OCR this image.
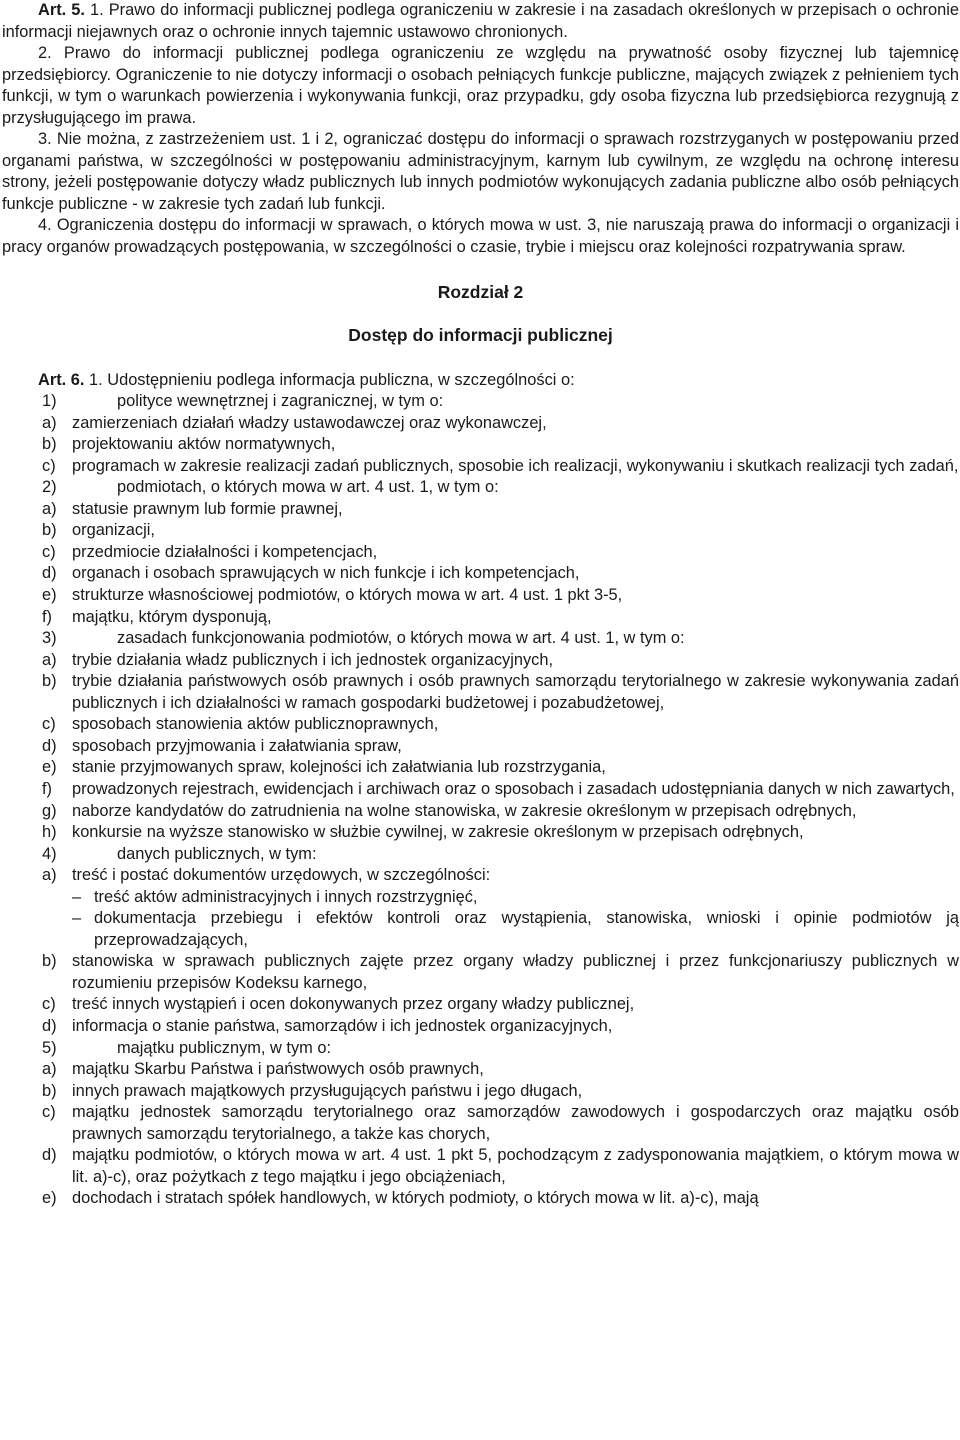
Art. 5. 1. Prawo do informacji publicznej podlega ograniczeniu w zakresie i na zasadach określonych w przepisach o ochronie informacji niejawnych oraz o ochronie innych tajemnic ustawowo chronionych.

2. Prawo do informacji publicznej podlega ograniczeniu ze względu na prywatność osoby fizycznej lub tajemnicę przedsiębiorcy. Ograniczenie to nie dotyczy informacji o osobach pełniących funkcje publiczne, mających związek z pełnieniem tych funkcji, w tym o warunkach powierzenia i wykonywania funkcji, oraz przypadku, gdy osoba fizyczna lub przedsiębiorca rezygnują z przysługującego im prawa.

3. Nie można, z zastrzeżeniem ust. 1 i 2, ograniczać dostępu do informacji o sprawach rozstrzyganych w postępowaniu przed organami państwa, w szczególności w postępowaniu administracyjnym, karnym lub cywilnym, ze względu na ochronę interesu strony, jeżeli postępowanie dotyczy władz publicznych lub innych podmiotów wykonujących zadania publiczne albo osób pełniących funkcje publiczne - w zakresie tych zadań lub funkcji.

4. Ograniczenia dostępu do informacji w sprawach, o których mowa w ust. 3, nie naruszają prawa do informacji o organizacji i pracy organów prowadzących postępowania, w szczególności o czasie, trybie i miejscu oraz kolejności rozpatrywania spraw.

Rozdział 2

Dostęp do informacji publicznej

Art. 6. 1. Udostępnieniu podlega informacja publiczna, w szczególności o:

1)	polityce wewnętrznej i zagranicznej, w tym o:

a) zamierzeniach działań władzy ustawodawczej oraz wykonawczej,

b) projektowaniu aktów normatywnych,

c) programach w zakresie realizacji zadań publicznych, sposobie ich realizacji, wykonywaniu i skutkach realizacji tych zadań,

2)	podmiotach, o których mowa w art. 4 ust. 1, w tym o:

a) statusie prawnym lub formie prawnej,

b) organizacji,

c) przedmiocie działalności i kompetencjach,

d) organach i osobach sprawujących w nich funkcje i ich kompetencjach,

e) strukturze własnościowej podmiotów, o których mowa w art. 4 ust. 1 pkt 3-5,

f) majątku, którym dysponują,

3)	zasadach funkcjonowania podmiotów, o których mowa w art. 4 ust. 1, w tym o:

a) trybie działania władz publicznych i ich jednostek organizacyjnych,

b) trybie działania państwowych osób prawnych i osób prawnych samorządu terytorialnego w zakresie wykonywania zadań publicznych i ich działalności w ramach gospodarki budżetowej i pozabudżetowej,

c) sposobach stanowienia aktów publicznoprawnych,

d) sposobach przyjmowania i załatwiania spraw,

e) stanie przyjmowanych spraw, kolejności ich załatwiania lub rozstrzygania,

f) prowadzonych rejestrach, ewidencjach i archiwach oraz o sposobach i zasadach udostępniania danych w nich zawartych,

g) naborze kandydatów do zatrudnienia na wolne stanowiska, w zakresie określonym w przepisach odrębnych,

h) konkursie na wyższe stanowisko w służbie cywilnej, w zakresie określonym w przepisach odrębnych,

4)	danych publicznych, w tym:

a) treść i postać dokumentów urzędowych, w szczególności:

– treść aktów administracyjnych i innych rozstrzygnięć,

– dokumentacja przebiegu i efektów kontroli oraz wystąpienia, stanowiska, wnioski i opinie podmiotów ją przeprowadzających,

b) stanowiska w sprawach publicznych zajęte przez organy władzy publicznej i przez funkcjonariuszy publicznych w rozumieniu przepisów Kodeksu karnego,

c) treść innych wystąpień i ocen dokonywanych przez organy władzy publicznej,

d) informacja o stanie państwa, samorządów i ich jednostek organizacyjnych,

5)	majątku publicznym, w tym o:

a) majątku Skarbu Państwa i państwowych osób prawnych,

b) innych prawach majątkowych przysługujących państwu i jego długach,

c) majątku jednostek samorządu terytorialnego oraz samorządów zawodowych i gospodarczych oraz majątku osób prawnych samorządu terytorialnego, a także kas chorych,

d) majątku podmiotów, o których mowa w art. 4 ust. 1 pkt 5, pochodzącym z zadysponowania majątkiem, o którym mowa w lit. a)-c), oraz pożytkach z tego majątku i jego obciążeniach,

e) dochodach i stratach spółek handlowych, w których podmioty, o których mowa w lit. a)-c), mają
